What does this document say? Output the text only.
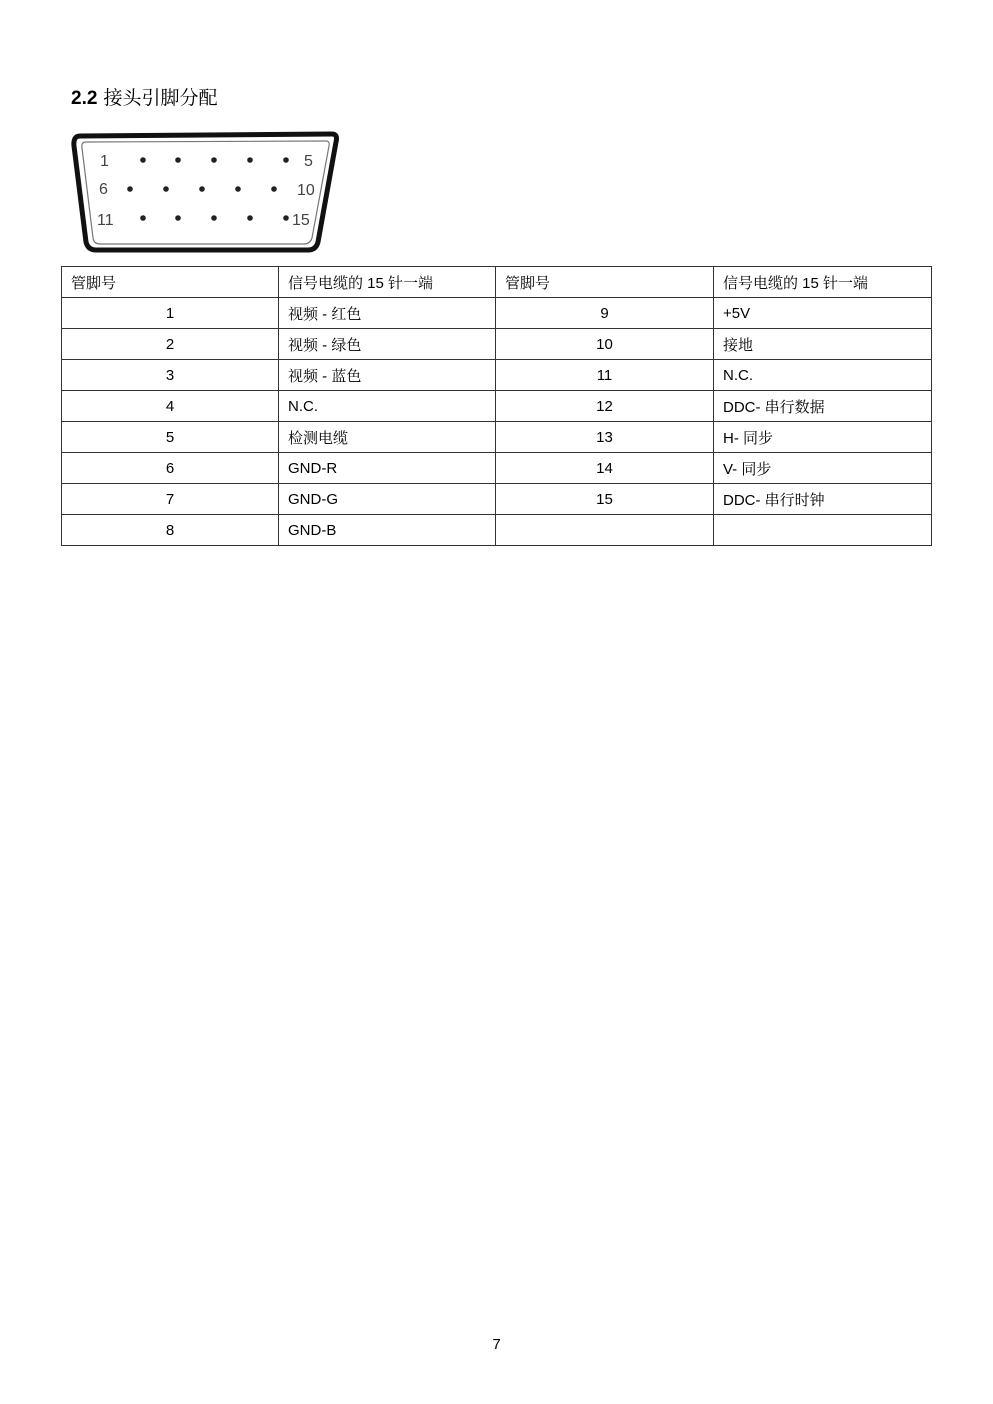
2.2 接头引脚分配
1	5
6	10
11	15
管脚号	信号电缆的 15 针一端	管脚号	信号电缆的 15 针一端
1	视频 - 红色	9	+5V
2	视频 - 绿色	10	接地
3	视频 - 蓝色	11	N.C.
4	N.C.	12	DDC- 串行数据
5	检测电缆	13	H- 同步
6	GND-R	14	V- 同步
7	GND-G	15	DDC- 串行时钟
8	GND-B		
7
